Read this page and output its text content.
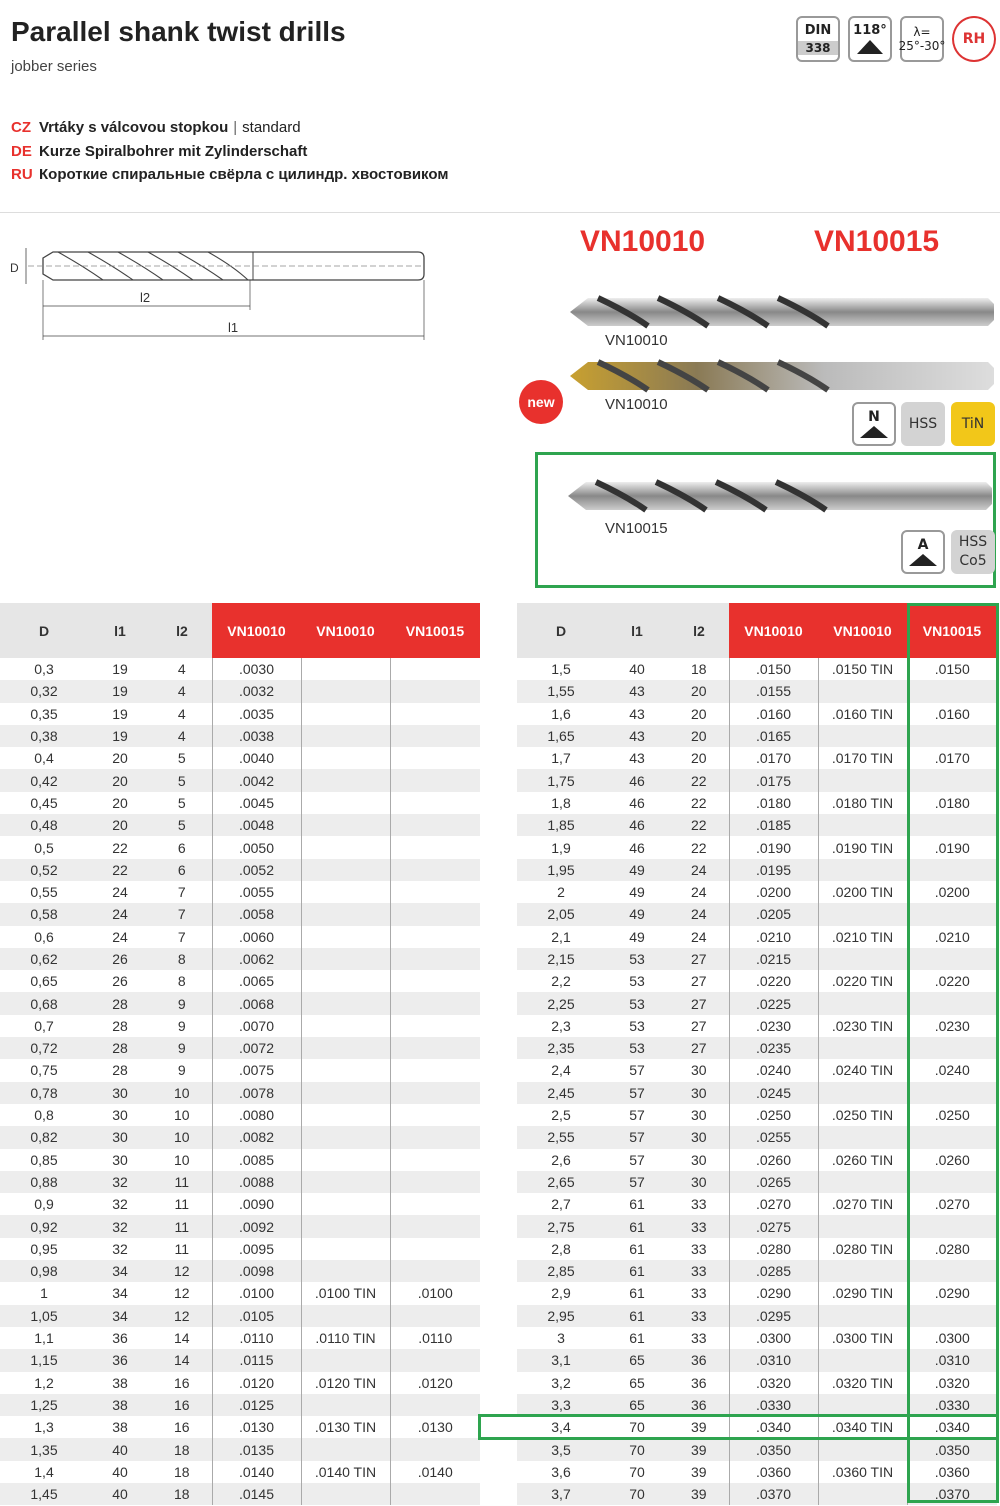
Parallel shank twist drills
jobber series
DIN
338
118° λ=
25°-30° RH
CZ Vrtáky s válcovou stopkou | standard
DE Kurze Spiralbohrer mit Zylinderschaft
RU Короткие спиральные свёрла с цилиндр. хвостовиком
D
l2
l1
VN10010	VN10015
VN10010
VN10010
new
N	HSS	TiN
VN10015
A HSS
Co5
D	l1	l2	VN10010	VN10010	VN10015
0,3	19	4	.0030		
0,32	19	4	.0032		
0,35	19	4	.0035		
0,38	19	4	.0038		
0,4	20	5	.0040		
0,42	20	5	.0042		
0,45	20	5	.0045		
0,48	20	5	.0048		
0,5	22	6	.0050		
0,52	22	6	.0052		
0,55	24	7	.0055		
0,58	24	7	.0058		
0,6	24	7	.0060		
0,62	26	8	.0062		
0,65	26	8	.0065		
0,68	28	9	.0068		
0,7	28	9	.0070		
0,72	28	9	.0072		
0,75	28	9	.0075		
0,78	30	10	.0078		
0,8	30	10	.0080		
0,82	30	10	.0082		
0,85	30	10	.0085		
0,88	32	11	.0088		
0,9	32	11	.0090		
0,92	32	11	.0092		
0,95	32	11	.0095		
0,98	34	12	.0098		
1	34	12	.0100	.0100 TIN	.0100
1,05	34	12	.0105		
1,1	36	14	.0110	.0110 TIN	.0110
1,15	36	14	.0115		
1,2	38	16	.0120	.0120 TIN	.0120
1,25	38	16	.0125		
1,3	38	16	.0130	.0130 TIN	.0130
1,35	40	18	.0135		
1,4	40	18	.0140	.0140 TIN	.0140
1,45	40	18	.0145		
D	l1	l2	VN10010	VN10010	VN10015
1,5	40	18	.0150	.0150 TIN	.0150
1,55	43	20	.0155		
1,6	43	20	.0160	.0160 TIN	.0160
1,65	43	20	.0165		
1,7	43	20	.0170	.0170 TIN	.0170
1,75	46	22	.0175		
1,8	46	22	.0180	.0180 TIN	.0180
1,85	46	22	.0185		
1,9	46	22	.0190	.0190 TIN	.0190
1,95	49	24	.0195		
2	49	24	.0200	.0200 TIN	.0200
2,05	49	24	.0205		
2,1	49	24	.0210	.0210 TIN	.0210
2,15	53	27	.0215		
2,2	53	27	.0220	.0220 TIN	.0220
2,25	53	27	.0225		
2,3	53	27	.0230	.0230 TIN	.0230
2,35	53	27	.0235		
2,4	57	30	.0240	.0240 TIN	.0240
2,45	57	30	.0245		
2,5	57	30	.0250	.0250 TIN	.0250
2,55	57	30	.0255		
2,6	57	30	.0260	.0260 TIN	.0260
2,65	57	30	.0265		
2,7	61	33	.0270	.0270 TIN	.0270
2,75	61	33	.0275		
2,8	61	33	.0280	.0280 TIN	.0280
2,85	61	33	.0285		
2,9	61	33	.0290	.0290 TIN	.0290
2,95	61	33	.0295		
3	61	33	.0300	.0300 TIN	.0300
3,1	65	36	.0310		.0310
3,2	65	36	.0320	.0320 TIN	.0320
3,3	65	36	.0330		.0330
3,4	70	39	.0340	.0340 TIN	.0340
3,5	70	39	.0350		.0350
3,6	70	39	.0360	.0360 TIN	.0360
3,7	70	39	.0370		.0370
